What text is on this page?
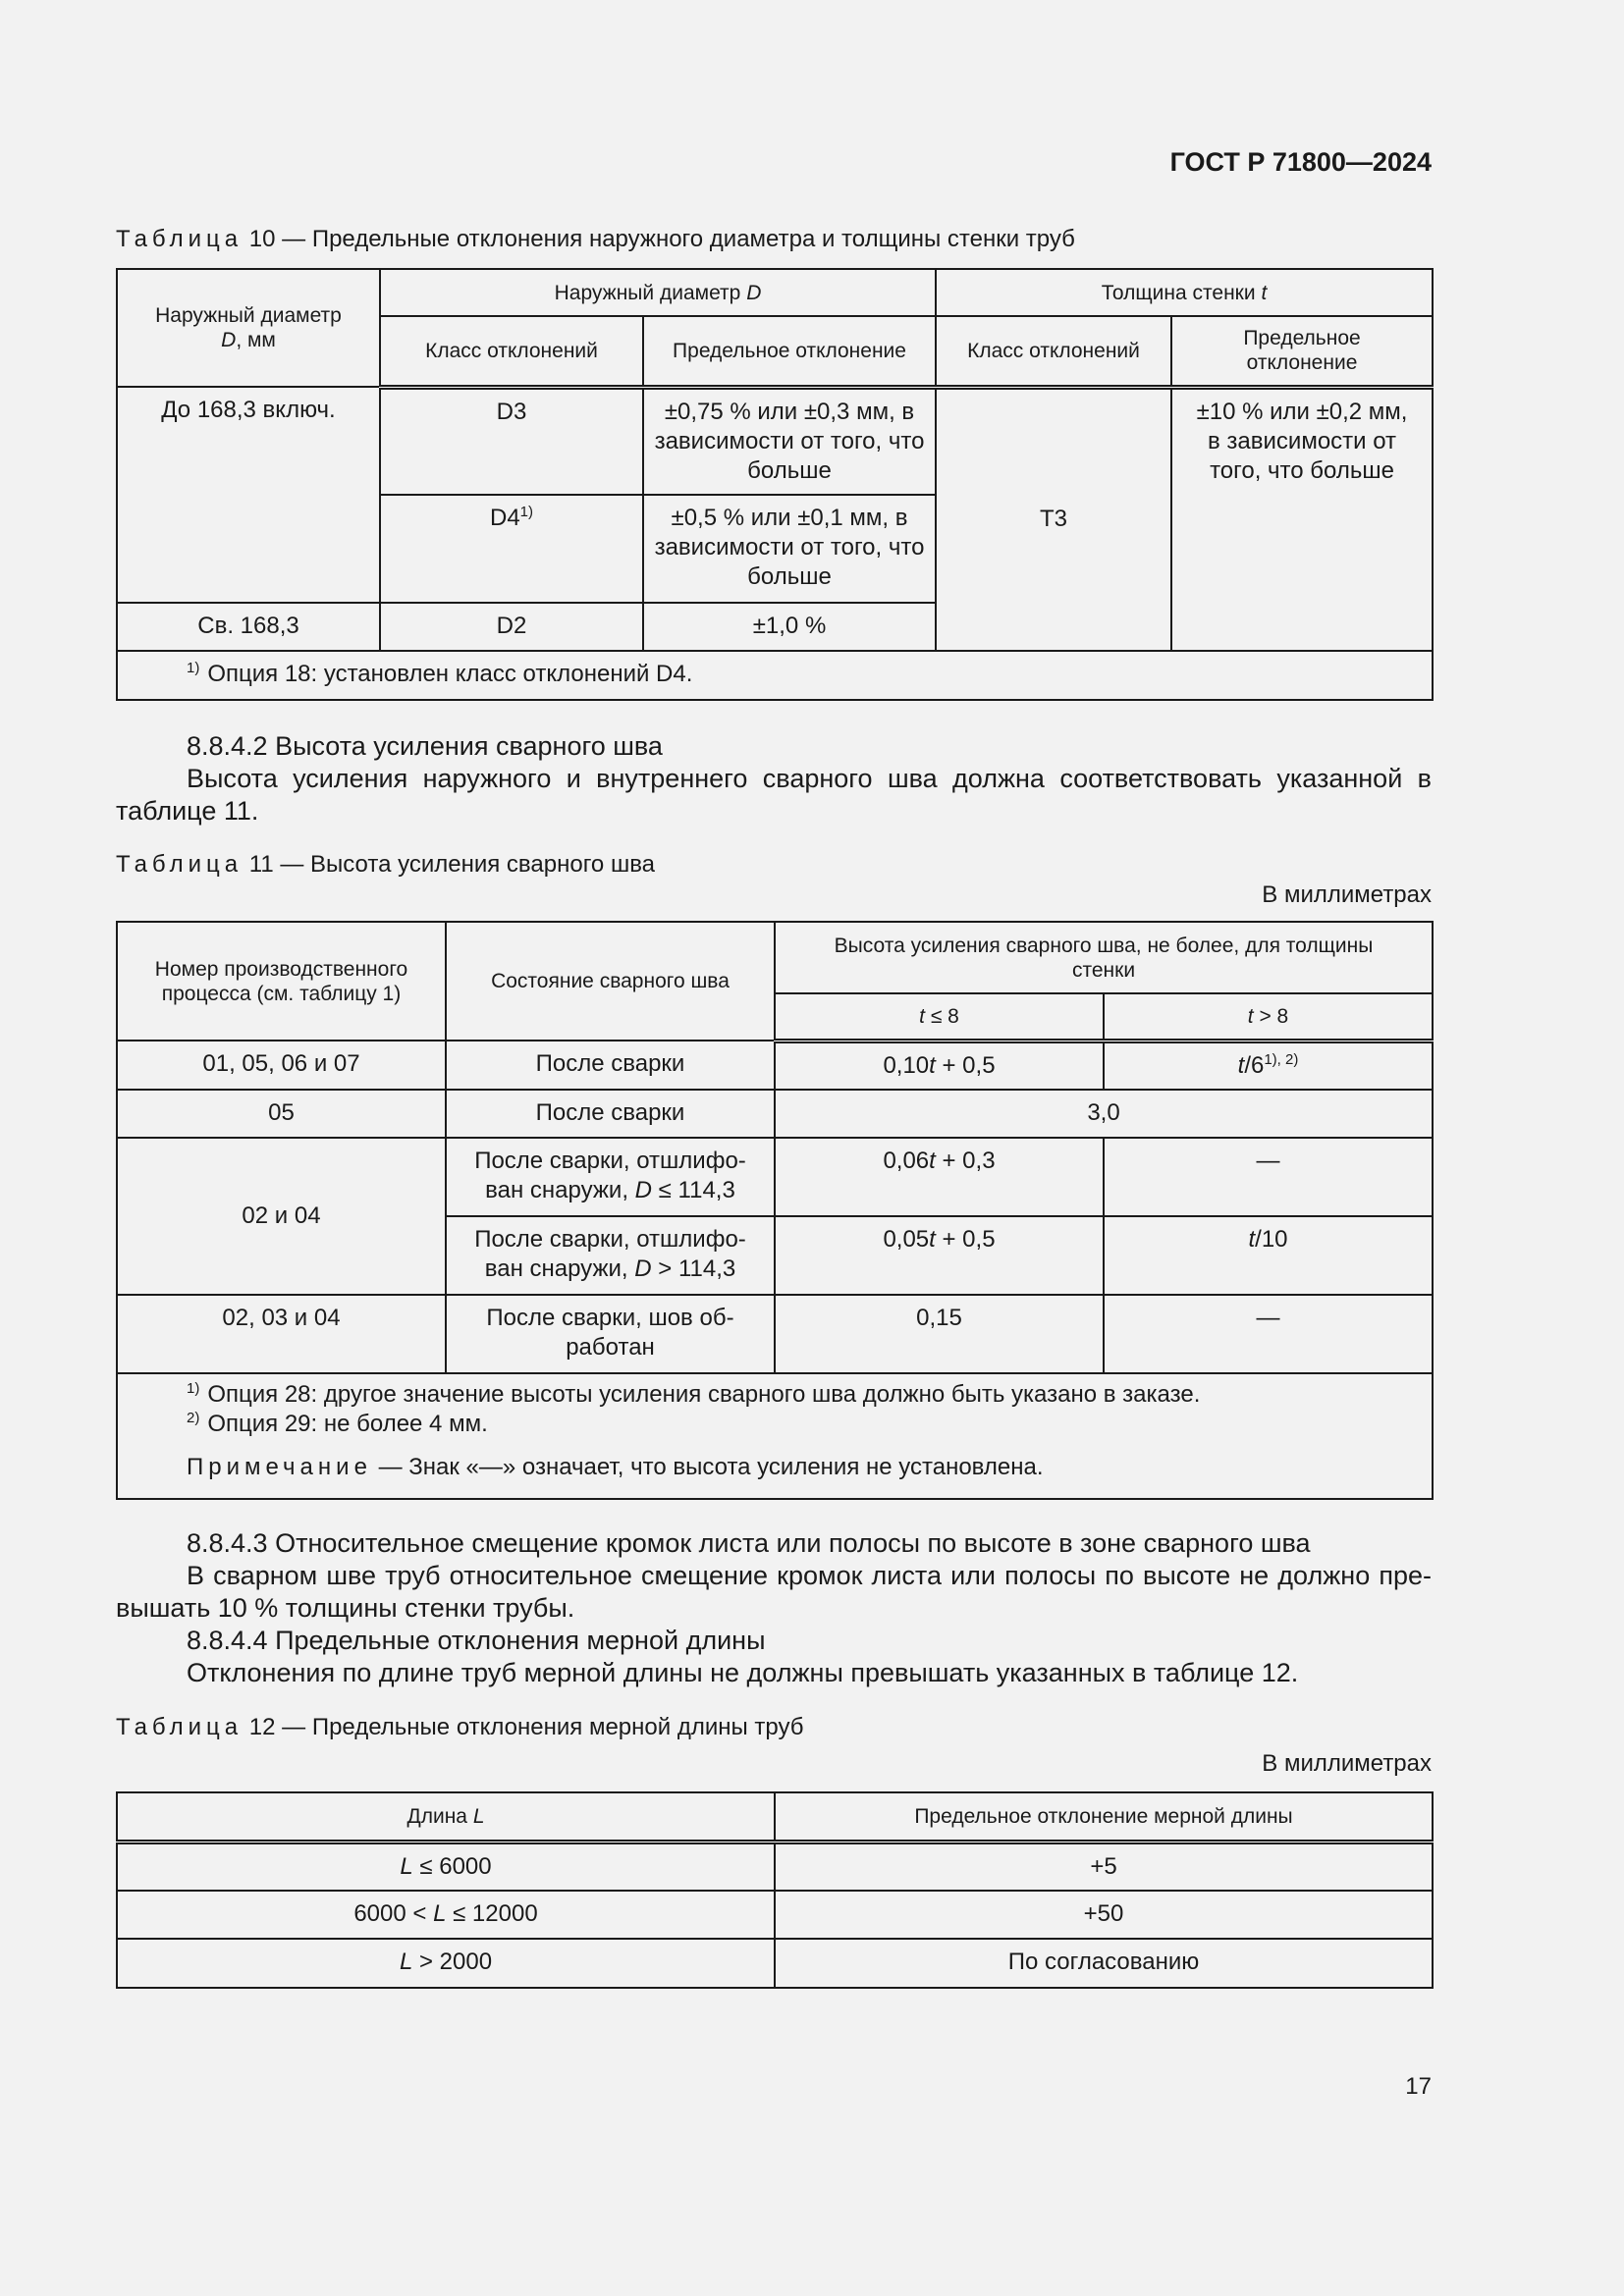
ГОСТ Р 71800—2024
Таблица 10 — Предельные отклонения наружного диаметра и толщины стенки труб
Наружный диаметр
D, мм	Наружный диаметр D		Толщина стенки t	
	Класс отклонений	Предельное отклонение	Класс отклонений	Предельное отклонение
До 168,3 включ.	D3	±0,75 % или ±0,3 мм, в зависимости от того, что больше	Т3	±10 % или ±0,2 мм, в зависимости от того, что больше
	$D4^{1)}$	±0,5 % или ±0,1 мм, в зависимости от того, что больше		
Св. 168,3	D2	±1,0 %		
$^{1)}$ Опция 18: установлен класс отклонений D4.				
8.8.4.2 Высота усиления сварного шва
Высота усиления наружного и внутреннего сварного шва должна соответствовать указанной в таблице 11.
Таблица 11 — Высота усиления сварного шва
В миллиметрах
Номер производственного процесса (см. таблицу 1)	Состояние сварного шва	Высота усиления сварного шва, не более, для толщины стенки	
		t ≤ 8	t > 8
01, 05, 06 и 07	После сварки	0,10t + 0,5	$t/6^{1), 2)}$
05	После сварки	3,0	
02 и 04	После сварки, отшлифо-ван снаружи, D ≤ 114,3	0,06t + 0,3	—
	После сварки, отшлифо-ван снаружи, D > 114,3	0,05t + 0,5	t/10
02, 03 и 04	После сварки, шов об-работан	0,15	—

$^{1)}$ Опция 28: другое значение высоты усиления сварного шва должно быть указано в заказе.
$^{2)}$ Опция 29: не более 4 мм.
Примечание — Знак «—» означает, что высота усиления не установлена.			
8.8.4.3 Относительное смещение кромок листа или полосы по высоте в зоне сварного шва
В сварном шве труб относительное смещение кромок листа или полосы по высоте не должно пре-вышать 10 % толщины стенки трубы.
8.8.4.4 Предельные отклонения мерной длины
Отклонения по длине труб мерной длины не должны превышать указанных в таблице 12.
Таблица 12 — Предельные отклонения мерной длины труб
В миллиметрах
Длина L	Предельное отклонение мерной длины
L ≤ 6000	+5
6000 < L ≤ 12000	+50
L > 2000	По согласованию
17
